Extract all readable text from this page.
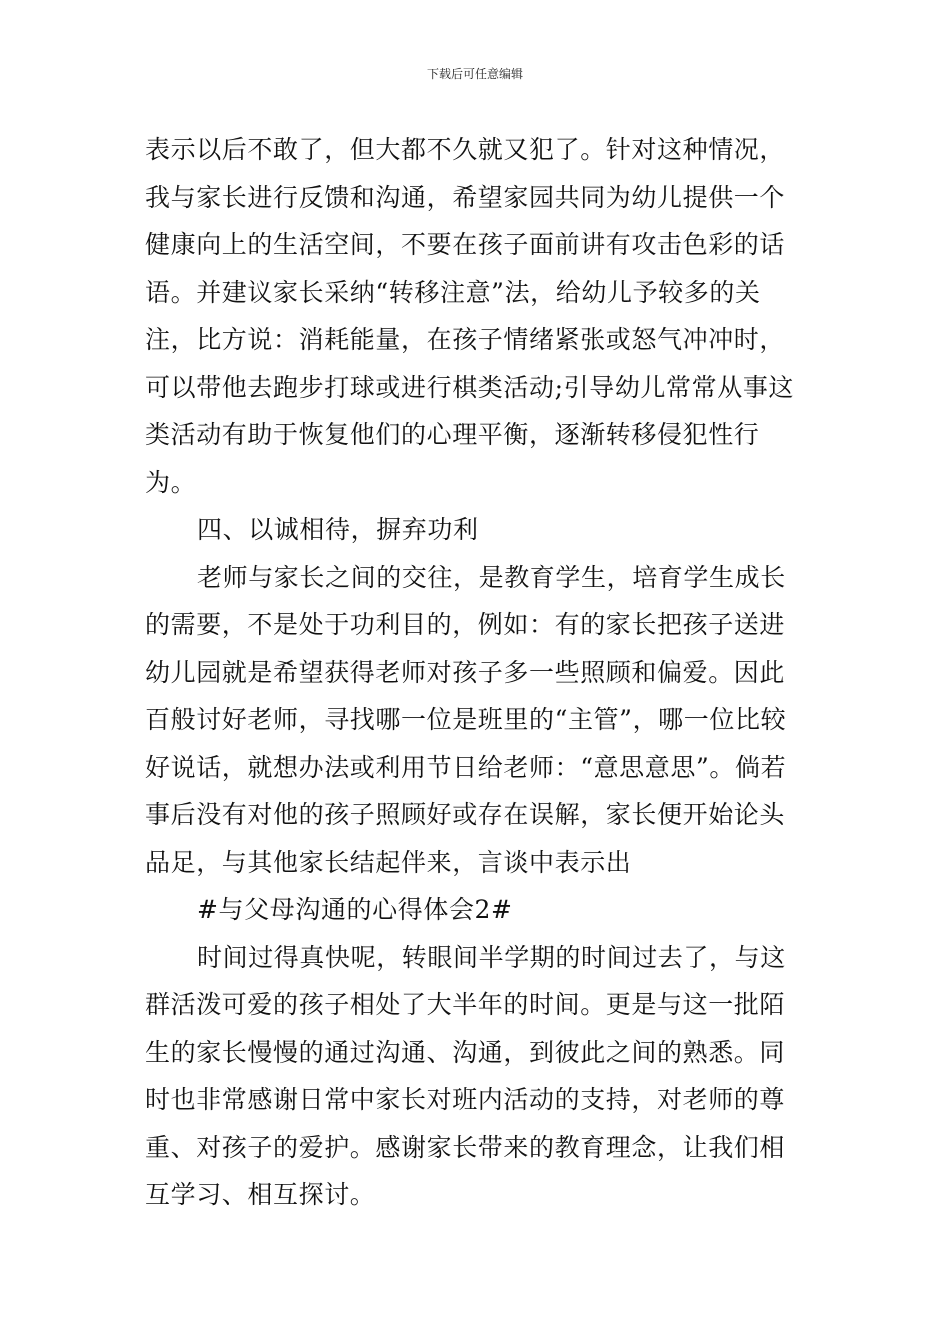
下载后可任意编辑

表示以后不敢了，但大都不久就又犯了。针对这种情况，我与家长进行反馈和沟通，希望家园共同为幼儿提供一个健康向上的生活空间，不要在孩子面前讲有攻击色彩的话语。并建议家长采纳“转移注意”法，给幼儿予较多的关注，比方说：消耗能量，在孩子情绪紧张或怒气冲冲时，可以带他去跑步打球或进行棋类活动;引导幼儿常常从事这类活动有助于恢复他们的心理平衡，逐渐转移侵犯性行为。

四、以诚相待，摒弃功利

老师与家长之间的交往，是教育学生，培育学生成长的需要，不是处于功利目的，例如：有的家长把孩子送进幼儿园就是希望获得老师对孩子多一些照顾和偏爱。因此百般讨好老师，寻找哪一位是班里的“主管”，哪一位比较好说话，就想办法或利用节日给老师：“意思意思”。倘若事后没有对他的孩子照顾好或存在误解，家长便开始论头品足，与其他家长结起伴来，言谈中表示出

#与父母沟通的心得体会2#

时间过得真快呢，转眼间半学期的时间过去了，与这群活泼可爱的孩子相处了大半年的时间。更是与这一批陌生的家长慢慢的通过沟通、沟通，到彼此之间的熟悉。同时也非常感谢日常中家长对班内活动的支持，对老师的尊重、对孩子的爱护。感谢家长带来的教育理念，让我们相互学习、相互探讨。
